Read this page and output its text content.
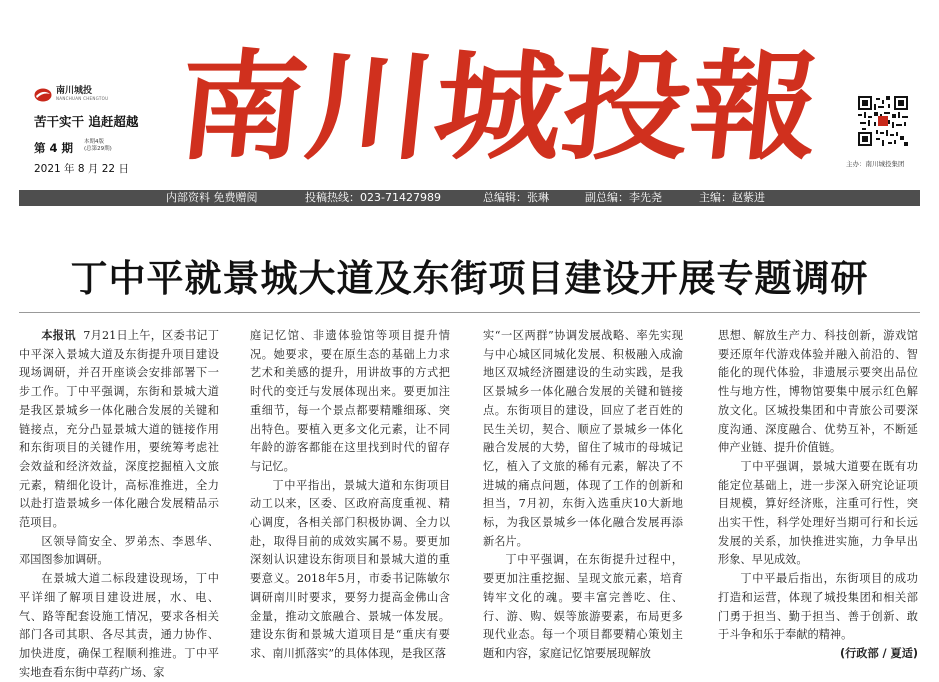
南川城投
NANCHUAN CHENGTOU
苦干实干 追赶超越
第 4 期 本期4版
(总第29期)
2021 年 8 月 22 日 南川城投報	主办：南川城投集团
内部资料 免费赠阅	投稿热线：023-71427989	总编辑：张琳	副总编：李先尧	主编：赵紫进
丁中平就景城大道及东街项目建设开展专题调研

本报讯 7月21日上午，区委书记丁中平深入景城大道及东街提升项目建设现场调研，并召开座谈会安排部署下一步工作。丁中平强调，东街和景城大道是我区景城乡一体化融合发展的关键和链接点，充分凸显景城大道的链接作用和东街项目的关键作用，要统筹考虑社会效益和经济效益，深度挖掘植入文旅元素，精细化设计，高标准推进，全力以赴打造景城乡一体化融合发展精品示范项目。

区领导简安全、罗弟杰、李恩华、邓国图参加调研。

在景城大道二标段建设现场，丁中平详细了解项目建设进展，水、电、气、路等配套设施工情况，要求各相关部门各司其职、各尽其责，通力协作、加快进度，确保工程顺利推进。丁中平实地查看东街中草药广场、家

庭记忆馆、非遗体验馆等项目提升情况。她要求，要在原生态的基础上力求艺术和美感的提升，用讲故事的方式把时代的变迁与发展体现出来。要更加注重细节，每一个景点都要精雕细琢、突出特色。要植入更多文化元素，让不同年龄的游客都能在这里找到时代的留存与记忆。

丁中平指出，景城大道和东街项目动工以来，区委、区政府高度重视、精心调度，各相关部门积极协调、全力以赴，取得目前的成效实属不易。要更加深刻认识建设东街项目和景城大道的重要意义。2018年5月，市委书记陈敏尔调研南川时要求，要努力提高金佛山含金量，推动文旅融合、景城一体发展。建设东街和景城大道项目是“重庆有要求、南川抓落实”的具体体现，是我区落

实“一区两群”协调发展战略、率先实现与中心城区同城化发展、积极融入成渝地区双城经济圈建设的生动实践，是我区景城乡一体化融合发展的关键和链接点。东街项目的建设，回应了老百姓的民生关切，契合、顺应了景城乡一体化融合发展的大势，留住了城市的母城记忆，植入了文旅的稀有元素，解决了不进城的痛点问题，体现了工作的创新和担当，7月初，东街入选重庆10大新地标，为我区景城乡一体化融合发展再添新名片。

丁中平强调，在东街提升过程中，要更加注重挖掘、呈现文旅元素，培育铸牢文化的魂。要丰富完善吃、住、行、游、购、娱等旅游要素，布局更多现代业态。每一个项目都要精心策划主题和内容，家庭记忆馆要展现解放

思想、解放生产力、科技创新，游戏馆要还原年代游戏体验并融入前沿的、智能化的现代体验，非遗展示要突出品位性与地方性，博物馆要集中展示红色解放文化。区城投集团和中青旅公司要深度沟通、深度融合、优势互补，不断延伸产业链、提升价值链。

丁中平强调，景城大道要在既有功能定位基础上，进一步深入研究论证项目规模，算好经济账，注重可行性，突出实干性，科学处理好当期可行和长远发展的关系，加快推进实施，力争早出形象、早见成效。

丁中平最后指出，东街项目的成功打造和运营，体现了城投集团和相关部门勇于担当、勤于担当、善于创新、敢于斗争和乐于奉献的精神。

(行政部 / 夏适)
